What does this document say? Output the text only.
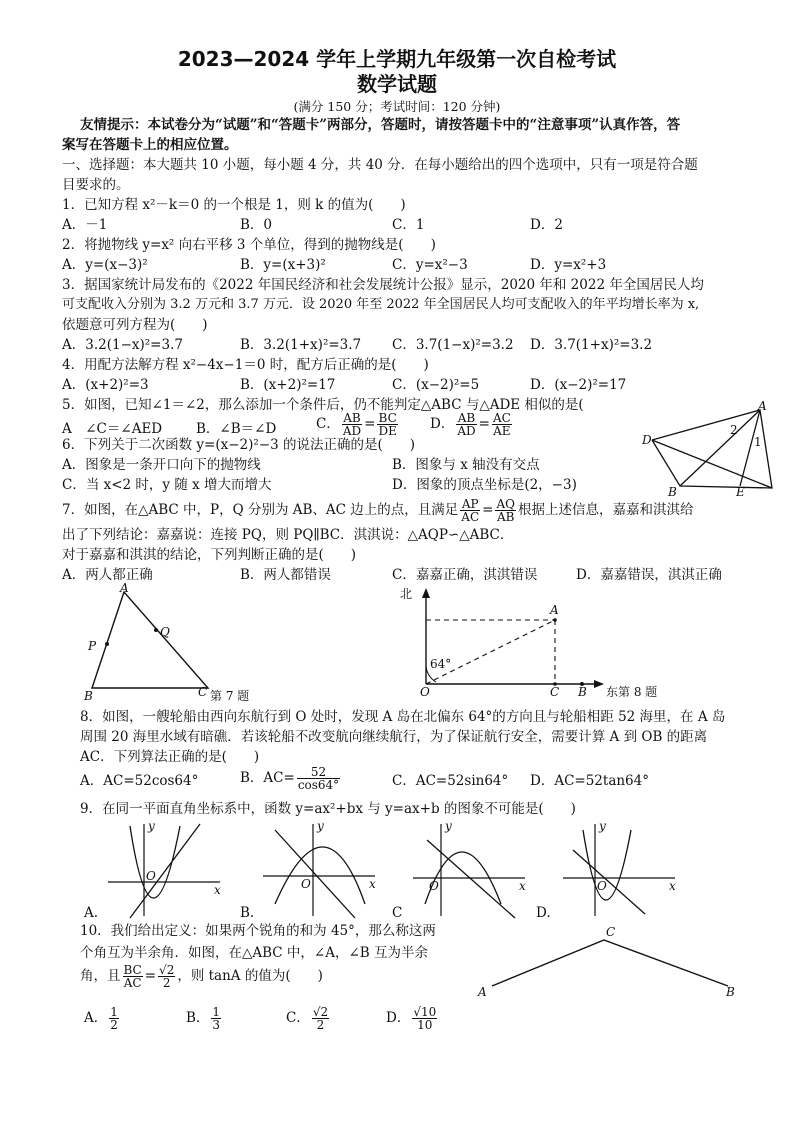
2023—2024 学年上学期九年级第一次自检考试
数学试题
(满分 150 分；考试时间：120 分钟)
友情提示：本试卷分为“试题”和“答题卡”两部分，答题时，请按答题卡中的“注意事项”认真作答，答
案写在答题卡上的相应位置。
一、选择题：本大题共 10 小题，每小题 4 分，共 40 分．在每小题给出的四个选项中，只有一项是符合题
目要求的。
1．已知方程 x²－k＝0 的一个根是 1，则 k 的值为(　　)
A．－1	B．0	C．1	D．2
2．将抛物线 y=x² 向右平移 3 个单位，得到的抛物线是(　　)
A．y=(x−3)²	B．y=(x+3)²	C．y=x²−3	D．y=x²+3
3．据国家统计局发布的《2022 年国民经济和社会发展统计公报》显示，2020 年和 2022 年全国居民人均
可支配收入分别为 3.2 万元和 3.7 万元．设 2020 年至 2022 年全国居民人均可支配收入的年平均增长率为 x,
依题意可列方程为(　　)
A．3.2(1−x)²=3.7	B．3.2(1+x)²=3.7 C．3.7(1−x)²=3.2 D．3.7(1+x)²=3.2
4．用配方法解方程 x²−4x−1＝0 时，配方后正确的是(　　)
A．(x+2)²=3	B．(x+2)²=17	C．(x−2)²=5	D．(x−2)²=17
5．如图，已知∠1＝∠2，那么添加一个条件后，仍不能判定△ABC 与△ADE 相似的是(
A　∠C＝∠AED	B．∠B＝∠D	C． $\frac{AB}{AD} = \frac{BC}{DE}$ D． $\frac{AB}{AD} = \frac{AC}{AE}$
A
D
B	E
2
1
6．下列关于二次函数 y=(x−2)²−3 的说法正确的是(　　)
A．图象是一条开口向下的抛物线	B．图象与 x 轴没有交点
C．当 x<2 时，y 随 x 增大而增大	D．图象的顶点坐标是(2，−3)
7．如图，在△ABC 中，P，Q 分别为 AB、AC 边上的点，且满足 $\frac{AP}{AC} = \frac{AQ}{AB}$ 根据上述信息，嘉嘉和淇淇给
出了下列结论：嘉嘉说：连接 PQ，则 PQ∥BC．淇淇说：△AQP∽△ABC．
对于嘉嘉和淇淇的结论，下列判断正确的是(　　)
A．两人都正确	B．两人都错误	C．嘉嘉正确，淇淇错误	D．嘉嘉错误，淇淇正确
A
P
Q
B	C 第 7 题
北
A
O
64°
C B 东 第 8 题
8．如图，一艘轮船由西向东航行到 O 处时，发现 A 岛在北偏东 64°的方向且与轮船相距 52 海里，在 A 岛
周围 20 海里水域有暗礁．若该轮船不改变航向继续航行，为了保证航行安全，需要计算 A 到 OB 的距离
AC．下列算法正确的是(　　)
A．AC=52cos64°	B．$AC= \frac{52}{\cos 64^\circ}$	C．AC=52sin64° D．AC=52tan64°
9．在同一平面直角坐标系中，函数 y=ax²+bx 与 y=ax+b 的图象不可能是(　　)
y
x
O
y
x
O
y
x
O
y
x
O
A.	B.	C	D.
10．我们给出定义：如果两个锐角的和为 45°，那么称这两
个角互为半余角．如图，在△ABC 中，∠A，∠B 互为半余
角，且 $\frac{BC}{AC} = \frac{√2}{2}$ ，则 tanA 的值为(　　)
A． $\frac{1}{2}$	B． $\frac{1}{3}$	C． $\frac{√2}{2}$	D． $\frac{√10}{10}$
A
C
B
